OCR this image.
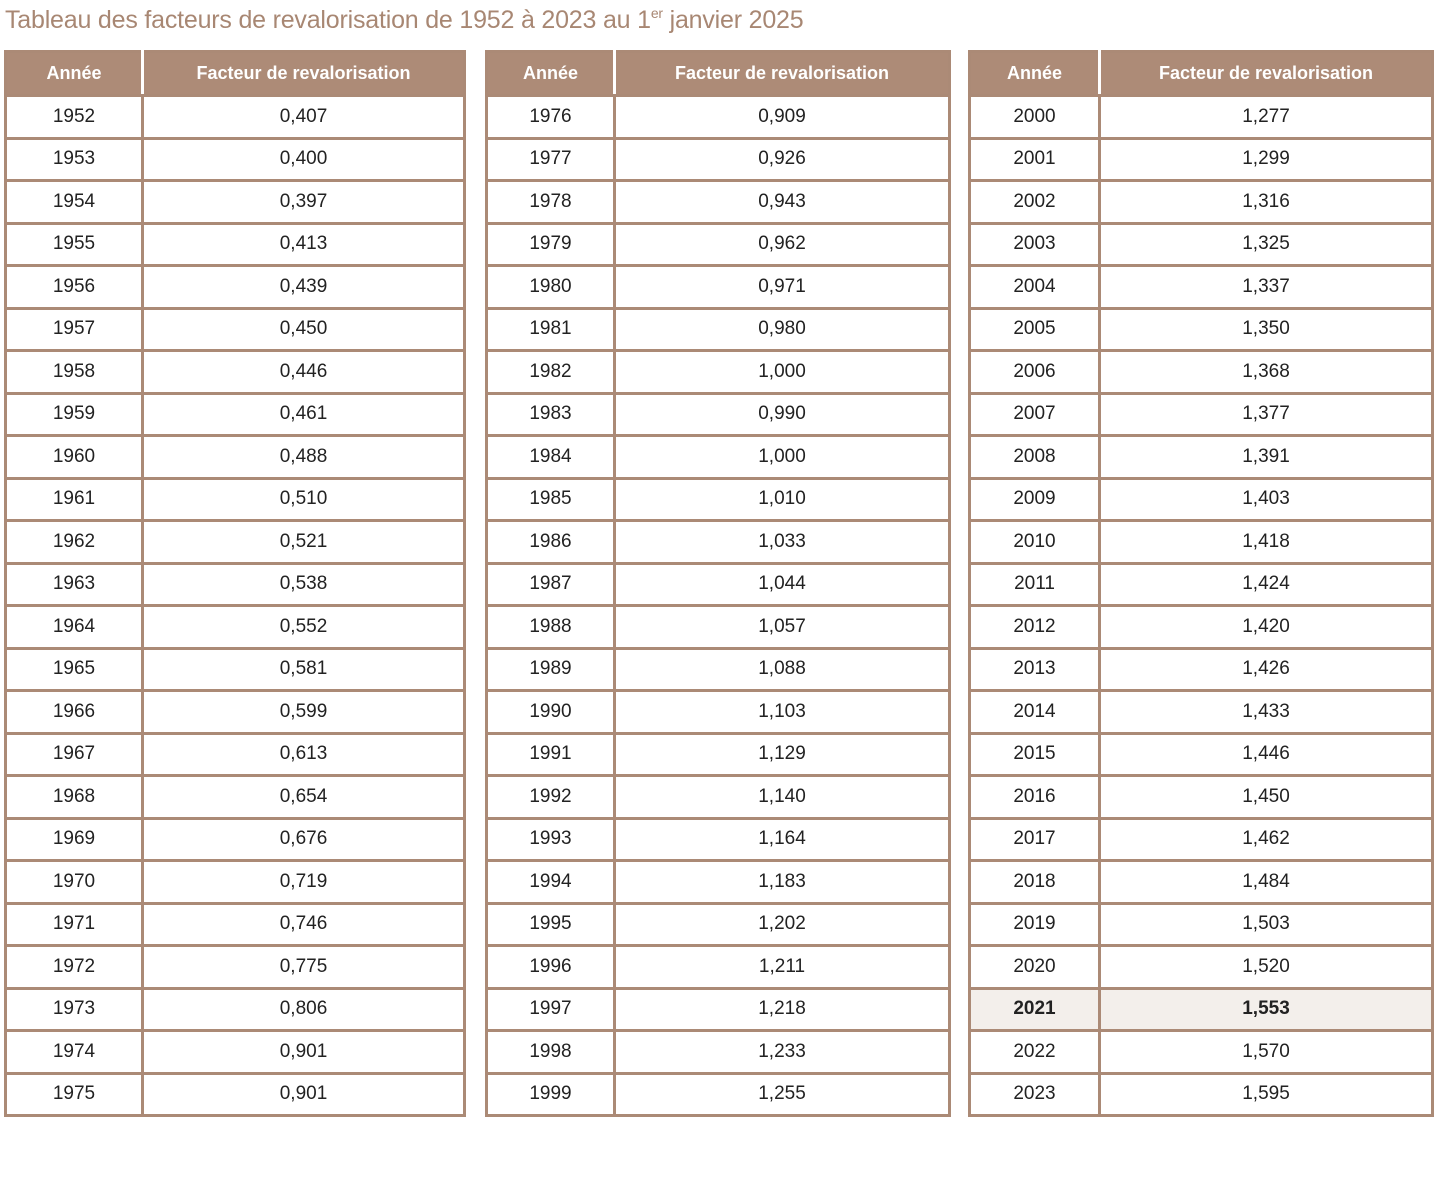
Tableau des facteurs de revalorisation de 1952 à 2023 au 1er janvier 2025
Année	Facteur de revalorisation
1952	0,407
1953	0,400
1954	0,397
1955	0,413
1956	0,439
1957	0,450
1958	0,446
1959	0,461
1960	0,488
1961	0,510
1962	0,521
1963	0,538
1964	0,552
1965	0,581
1966	0,599
1967	0,613
1968	0,654
1969	0,676
1970	0,719
1971	0,746
1972	0,775
1973	0,806
1974	0,901
1975	0,901
Année	Facteur de revalorisation
1976	0,909
1977	0,926
1978	0,943
1979	0,962
1980	0,971
1981	0,980
1982	1,000
1983	0,990
1984	1,000
1985	1,010
1986	1,033
1987	1,044
1988	1,057
1989	1,088
1990	1,103
1991	1,129
1992	1,140
1993	1,164
1994	1,183
1995	1,202
1996	1,211
1997	1,218
1998	1,233
1999	1,255
Année	Facteur de revalorisation
2000	1,277
2001	1,299
2002	1,316
2003	1,325
2004	1,337
2005	1,350
2006	1,368
2007	1,377
2008	1,391
2009	1,403
2010	1,418
2011	1,424
2012	1,420
2013	1,426
2014	1,433
2015	1,446
2016	1,450
2017	1,462
2018	1,484
2019	1,503
2020	1,520
2021	1,553
2022	1,570
2023	1,595
